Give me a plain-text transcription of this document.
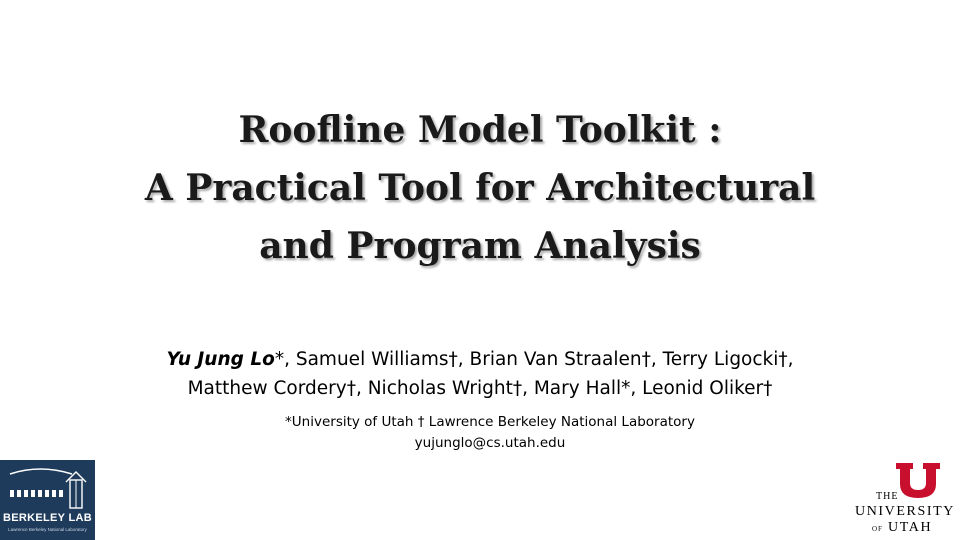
Roofline Model Toolkit :
A Practical Tool for Architectural
and Program Analysis
Yu Jung Lo*, Samuel Williams†, Brian Van Straalen†, Terry Ligocki†,
Matthew Cordery†, Nicholas Wright†, Mary Hall*, Leonid Oliker†
*University of Utah † Lawrence Berkeley National Laboratory
yujunglo@cs.utah.edu
BERKELEY LAB
Lawrence Berkeley National Laboratory
THE
UNIVERSITY
OF UTAH
